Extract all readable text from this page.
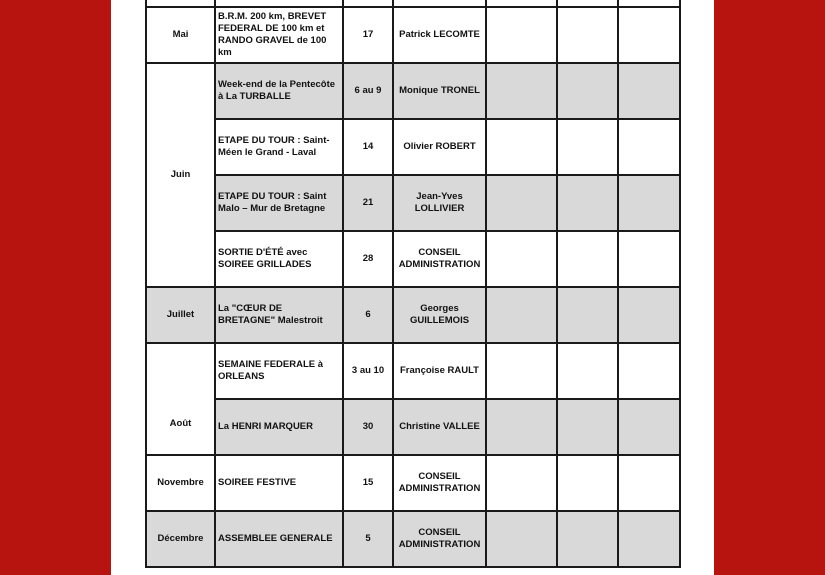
Mai	B.R.M. 200 km, BREVET FEDERAL DE 100 km et RANDO GRAVEL de 100 km	17	Patrick LECOMTE			
Juin	Week-end de la Pentecôte à La TURBALLE	6 au 9	Monique TRONEL			
	ETAPE DU TOUR : Saint-Méen le Grand - Laval	14	Olivier ROBERT			
	ETAPE DU TOUR : Saint Malo – Mur de Bretagne	21	Jean-Yves LOLLIVIER			
	SORTIE D'ÉTÉ avec SOIREE GRILLADES	28	CONSEIL ADMINISTRATION			
Juillet	La "CŒUR DE BRETAGNE" Malestroit	6	Georges GUILLEMOIS			
Août	SEMAINE FEDERALE à ORLEANS	3 au 10	Françoise RAULT			
	La HENRI MARQUER	30	Christine VALLEE			
Novembre	SOIREE FESTIVE	15	CONSEIL ADMINISTRATION			
Décembre	ASSEMBLEE GENERALE	5	CONSEIL ADMINISTRATION			
